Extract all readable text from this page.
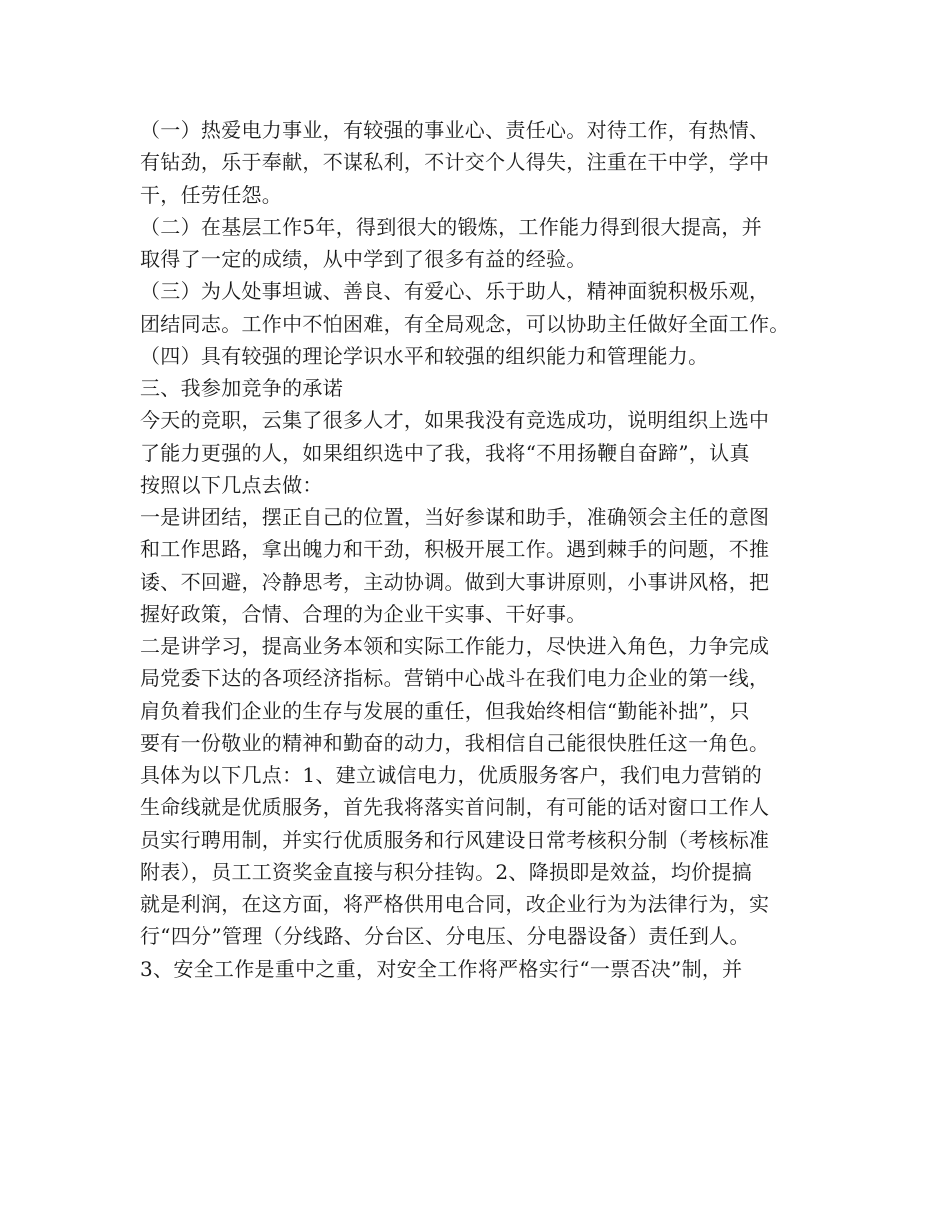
（一）热爱电力事业，有较强的事业心、责任心。对待工作，有热情、
有钻劲，乐于奉献，不谋私利，不计交个人得失，注重在干中学，学中
干，任劳任怨。
（二）在基层工作5年，得到很大的锻炼，工作能力得到很大提高，并
取得了一定的成绩，从中学到了很多有益的经验。
（三）为人处事坦诚、善良、有爱心、乐于助人，精神面貌积极乐观，
团结同志。工作中不怕困难，有全局观念，可以协助主任做好全面工作。
（四）具有较强的理论学识水平和较强的组织能力和管理能力。
三、我参加竞争的承诺
今天的竞职，云集了很多人才，如果我没有竞选成功，说明组织上选中
了能力更强的人，如果组织选中了我，我将“不用扬鞭自奋蹄”，认真
按照以下几点去做：
一是讲团结，摆正自己的位置，当好参谋和助手，准确领会主任的意图
和工作思路，拿出魄力和干劲，积极开展工作。遇到棘手的问题，不推
诿、不回避，冷静思考，主动协调。做到大事讲原则，小事讲风格，把
握好政策，合情、合理的为企业干实事、干好事。
二是讲学习，提高业务本领和实际工作能力，尽快进入角色，力争完成
局党委下达的各项经济指标。营销中心战斗在我们电力企业的第一线，
肩负着我们企业的生存与发展的重任，但我始终相信“勤能补拙”，只
要有一份敬业的精神和勤奋的动力，我相信自己能很快胜任这一角色。
具体为以下几点：1、建立诚信电力，优质服务客户，我们电力营销的
生命线就是优质服务，首先我将落实首问制，有可能的话对窗口工作人
员实行聘用制，并实行优质服务和行风建设日常考核积分制（考核标准
附表），员工工资奖金直接与积分挂钩。2、降损即是效益，均价提搞
就是利润，在这方面，将严格供用电合同，改企业行为为法律行为，实
行“四分”管理（分线路、分台区、分电压、分电器设备）责任到人。
3、安全工作是重中之重，对安全工作将严格实行“一票否决”制，并
